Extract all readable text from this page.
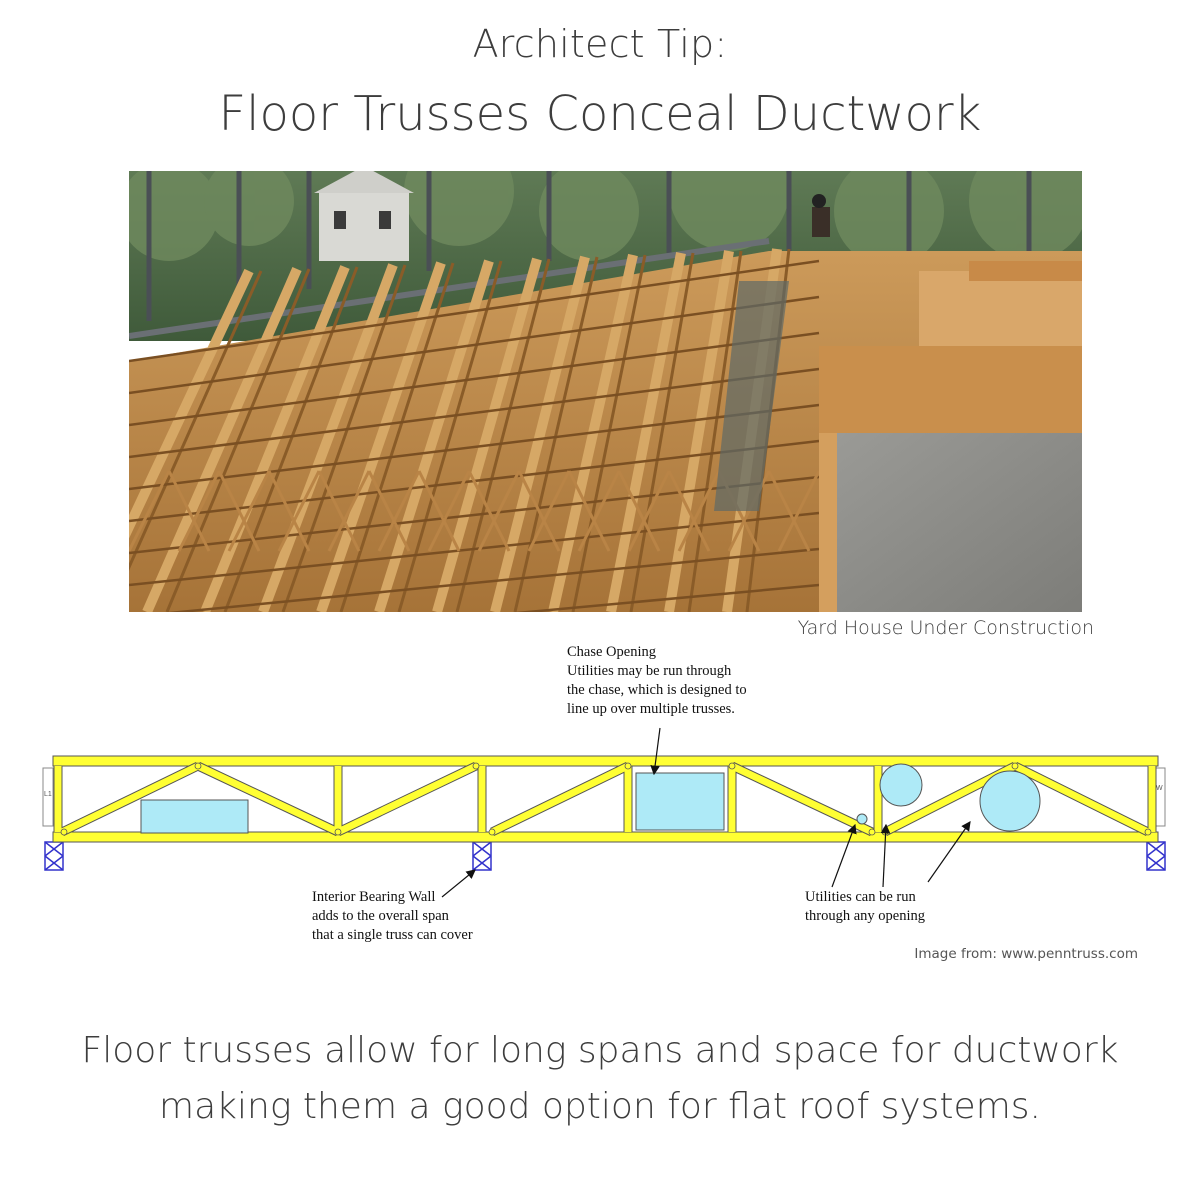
Architect Tip:
Floor Trusses Conceal Ductwork
Yard House Under Construction
L1
W
Chase Opening
Utilities may be run through
the chase, which is designed to
line up over multiple trusses.
Interior Bearing Wall
adds to the overall span
that a single truss can cover
Utilities can be run
through any opening
Image from: www.penntruss.com
Floor trusses allow for long spans and space for ductwork
making them a good option for flat roof systems.
